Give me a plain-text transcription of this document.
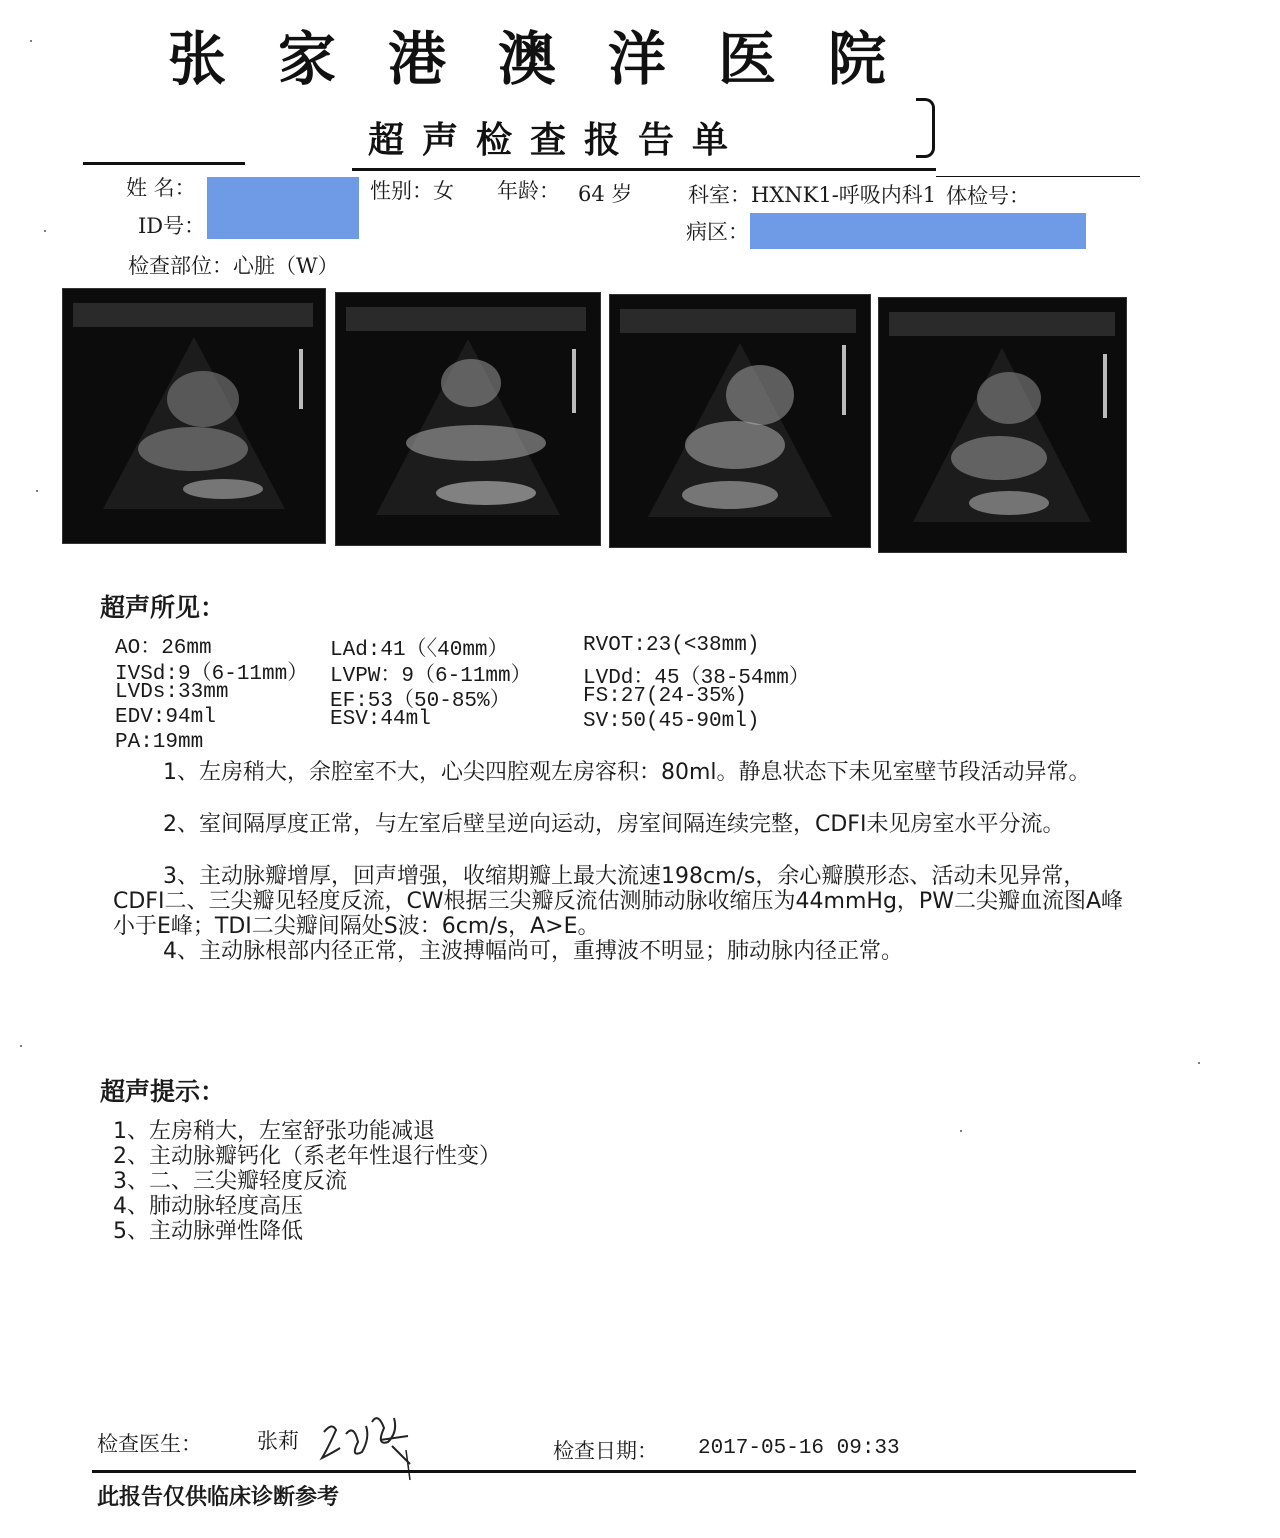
张家港澳洋医院
超声检查报告单
姓 名：
ID号：
性别：女 年龄： 64 岁	科室：HXNK1-呼吸内科1 体检号：
病区：
检查部位：心脏（W）
超声所见：
AO：26mm	LAd:41（〈40mm）	RVOT:23(<38mm)
IVSd:9（6-11mm） LVPW：9（6-11mm） LVDd：45（38-54mm）
LVDs:33mm	EF:53（50-85%）	FS:27(24-35%)
EDV:94ml	ESV:44ml	SV:50(45-90ml)
PA:19mm
1、左房稍大，余腔室不大，心尖四腔观左房容积：80ml。静息状态下未见室壁节段活动异常。
2、室间隔厚度正常，与左室后壁呈逆向运动，房室间隔连续完整，CDFI未见房室水平分流。
3、主动脉瓣增厚，回声增强，收缩期瓣上最大流速198cm/s，余心瓣膜形态、活动未见异常，CDFI二、三尖瓣见轻度反流，CW根据三尖瓣反流估测肺动脉收缩压为44mmHg，PW二尖瓣血流图A峰小于E峰；TDI二尖瓣间隔处S波：6cm/s，A>E。
4、主动脉根部内径正常，主波搏幅尚可，重搏波不明显；肺动脉内径正常。
超声提示：
1、左房稍大，左室舒张功能减退
2、主动脉瓣钙化（系老年性退行性变）
3、二、三尖瓣轻度反流
4、肺动脉轻度高压
5、主动脉弹性降低
检查医生：	张莉	检查日期： 2017-05-16 09:33
此报告仅供临床诊断参考
